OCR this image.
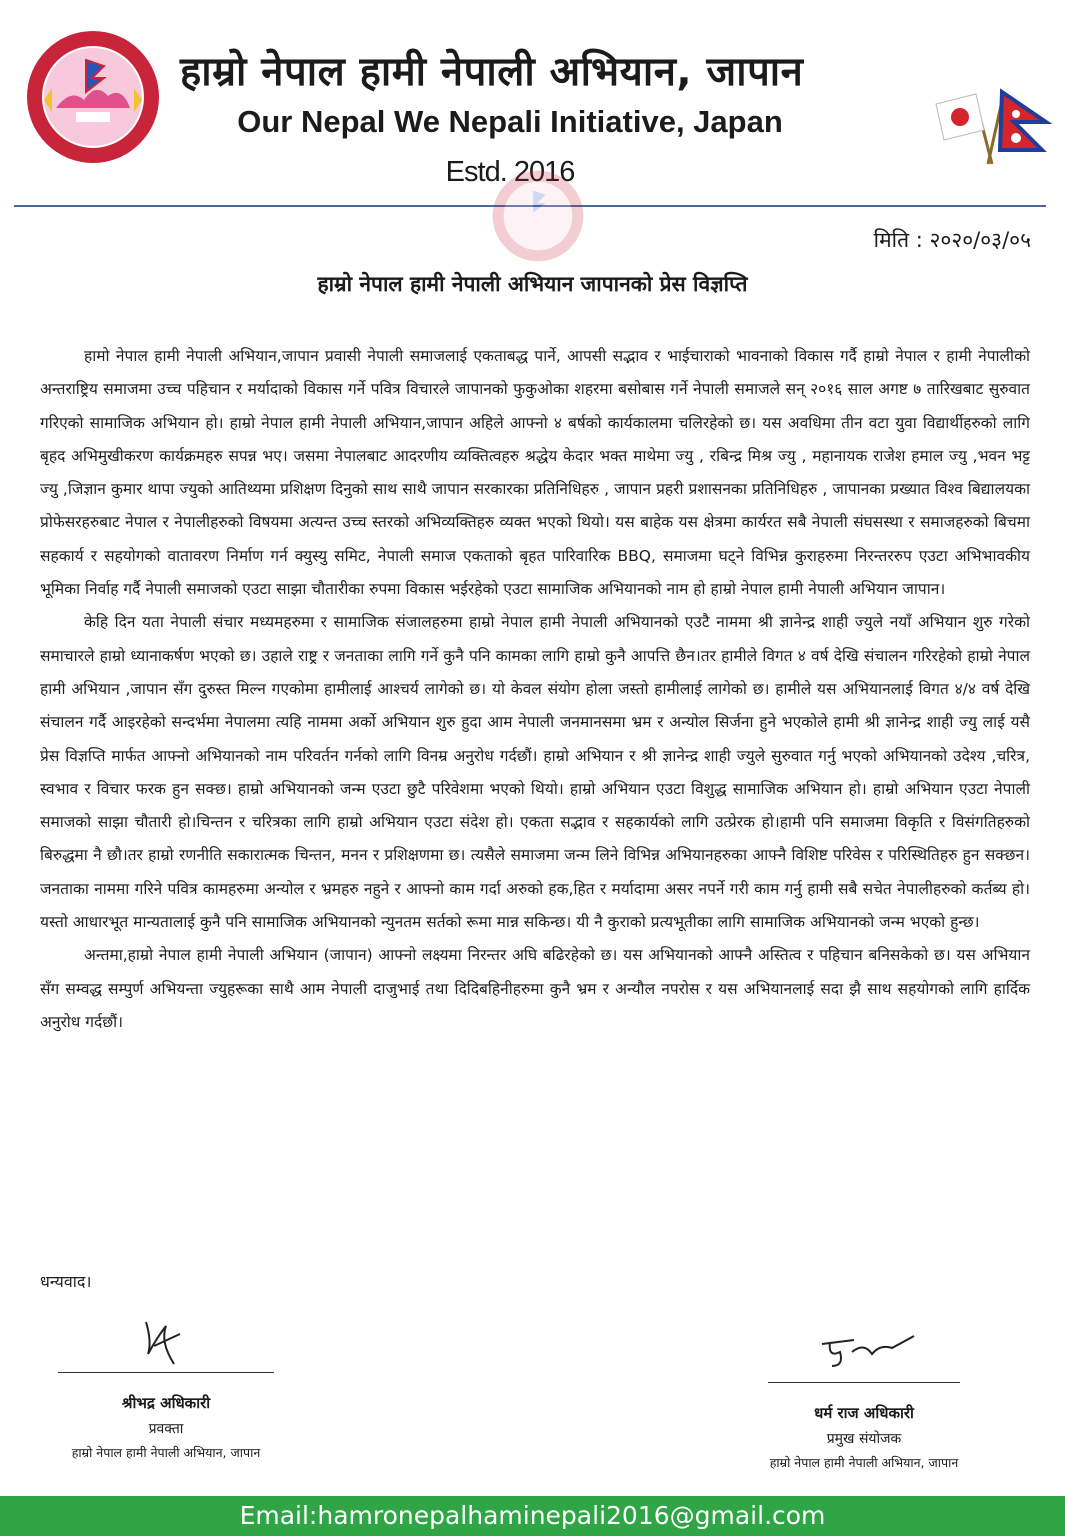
हाम्रो नेपाल हामी नेपाली अभियान, जापान
Our Nepal We Nepali Initiative, Japan
Estd. 2016
मिति : २०२०/०३/०५
हाम्रो नेपाल हामी नेपाली अभियान जापानको प्रेस विज्ञप्ति

हामो नेपाल हामी नेपाली अभियान,जापान प्रवासी नेपाली समाजलाई एकताबद्ध पार्ने, आपसी सद्भाव र भाईचाराको भावनाको विकास गर्दै हाम्रो नेपाल र हामी नेपालीको अन्तराष्ट्रिय समाजमा उच्च पहिचान र मर्यादाको विकास गर्ने पवित्र विचारले जापानको फुकुओका शहरमा बसोबास गर्ने नेपाली समाजले सन् २०१६ साल अगष्ट ७ तारिखबाट सुरुवात गरिएको सामाजिक अभियान हो। हाम्रो नेपाल हामी नेपाली अभियान,जापान अहिले आफ्नो ४ बर्षको कार्यकालमा चलिरहेको छ। यस अवधिमा तीन वटा युवा विद्यार्थीहरुको लागि बृहद अभिमुखीकरण कार्यक्रमहरु सपन्न भए। जसमा नेपालबाट आदरणीय व्यक्तित्वहरु श्रद्धेय केदार भक्त माथेमा ज्यु , रबिन्द्र मिश्र ज्यु , महानायक राजेश हमाल ज्यु ,भवन भट्ट ज्यु ,जिज्ञान कुमार थापा ज्युको आतिथ्यमा प्रशिक्षण दिनुको साथ साथै जापान सरकारका प्रतिनिधिहरु , जापान प्रहरी प्रशासनका प्रतिनिधिहरु , जापानका प्रख्यात विश्व बिद्यालयका प्रोफेसरहरुबाट नेपाल र नेपालीहरुको विषयमा अत्यन्त उच्च स्तरको अभिव्यक्तिहरु व्यक्त भएको थियो। यस बाहेक यस क्षेत्रमा कार्यरत सबै नेपाली संघसस्था र समाजहरुको बिचमा सहकार्य र सहयोगको वातावरण निर्माण गर्न क्युस्यु समिट, नेपाली समाज एकताको बृहत पारिवारिक BBQ, समाजमा घट्ने विभिन्न कुराहरुमा निरन्तररुप एउटा अभिभावकीय भूमिका निर्वाह गर्दै नेपाली समाजको एउटा साझा चौतारीका रुपमा विकास भईरहेको एउटा सामाजिक अभियानको नाम हो हाम्रो नेपाल हामी नेपाली अभियान जापान।

केहि दिन यता नेपाली संचार मध्यमहरुमा र सामाजिक संजालहरुमा हाम्रो नेपाल हामी नेपाली अभियानको एउटै नाममा श्री ज्ञानेन्द्र शाही ज्युले नयाँ अभियान शुरु गरेको समाचारले हाम्रो ध्यानाकर्षण भएको छ। उहाले राष्ट्र र जनताका लागि गर्ने कुनै पनि कामका लागि हाम्रो कुनै आपत्ति छैन।तर हामीले विगत ४ वर्ष देखि संचालन गरिरहेको हाम्रो नेपाल हामी अभियान ,जापान सँग दुरुस्त मिल्न गएकोमा हामीलाई आश्चर्य लागेको छ। यो केवल संयोग होला जस्तो हामीलाई लागेको छ। हामीले यस अभियानलाई विगत ४/४ वर्ष देखि संचालन गर्दै आइरहेको सन्दर्भमा नेपालमा त्यहि नाममा अर्को अभियान शुरु हुदा आम नेपाली जनमानसमा भ्रम र अन्योल सिर्जना हुने भएकोले हामी श्री ज्ञानेन्द्र शाही ज्यु लाई यसै प्रेस विज्ञप्ति मार्फत आफ्नो अभियानको नाम परिवर्तन गर्नको लागि विनम्र अनुरोध गर्दछौं। हाम्रो अभियान र श्री ज्ञानेन्द्र शाही ज्युले सुरुवात गर्नु भएको अभियानको उदेश्य ,चरित्र, स्वभाव र विचार फरक हुन सक्छ। हाम्रो अभियानको जन्म एउटा छुटै परिवेशमा भएको थियो। हाम्रो अभियान एउटा विशुद्ध सामाजिक अभियान हो। हाम्रो अभियान एउटा नेपाली समाजको साझा चौतारी हो।चिन्तन र चरित्रका लागि हाम्रो अभियान एउटा संदेश हो। एकता सद्भाव र सहकार्यको लागि उत्प्रेरक हो।हामी पनि समाजमा विकृति र विसंगतिहरुको बिरुद्धमा नै छौ।तर हाम्रो रणनीति सकारात्मक चिन्तन, मनन र प्रशिक्षणमा छ। त्यसैले समाजमा जन्म लिने विभिन्न अभियानहरुका आफ्नै विशिष्ट परिवेस र परिस्थितिहरु हुन सक्छन। जनताका नाममा गरिने पवित्र कामहरुमा अन्योल र भ्रमहरु नहुने र आफ्नो काम गर्दा अरुको हक,हित र मर्यादामा असर नपर्ने गरी काम गर्नु हामी सबै सचेत नेपालीहरुको कर्तब्य हो।यस्तो आधारभूत मान्यतालाई कुनै पनि सामाजिक अभियानको न्युनतम सर्तको रूमा मान्न सकिन्छ। यी नै कुराको प्रत्यभूतीका लागि सामाजिक अभियानको जन्म भएको हुन्छ।

अन्तमा,हाम्रो नेपाल हामी नेपाली अभियान (जापान) आफ्नो लक्ष्यमा निरन्तर अघि बढिरहेको छ। यस अभियानको आफ्नै अस्तित्व र पहिचान बनिसकेको छ। यस अभियान सँग सम्वद्ध सम्पुर्ण अभियन्ता ज्युहरूका साथै आम नेपाली दाजुभाई तथा दिदिबहिनीहरुमा कुनै भ्रम र अन्यौल नपरोस र यस अभियानलाई सदा झै साथ सहयोगको लागि हार्दिक अनुरोध गर्दछौं।

धन्यवाद।
श्रीभद्र अधिकारी
प्रवक्ता
हाम्रो नेपाल हामी नेपाली अभियान, जापान
धर्म राज अधिकारी
प्रमुख संयोजक
हाम्रो नेपाल हामी नेपाली अभियान, जापान
Email:hamronepalhaminepali2016@gmail.com
